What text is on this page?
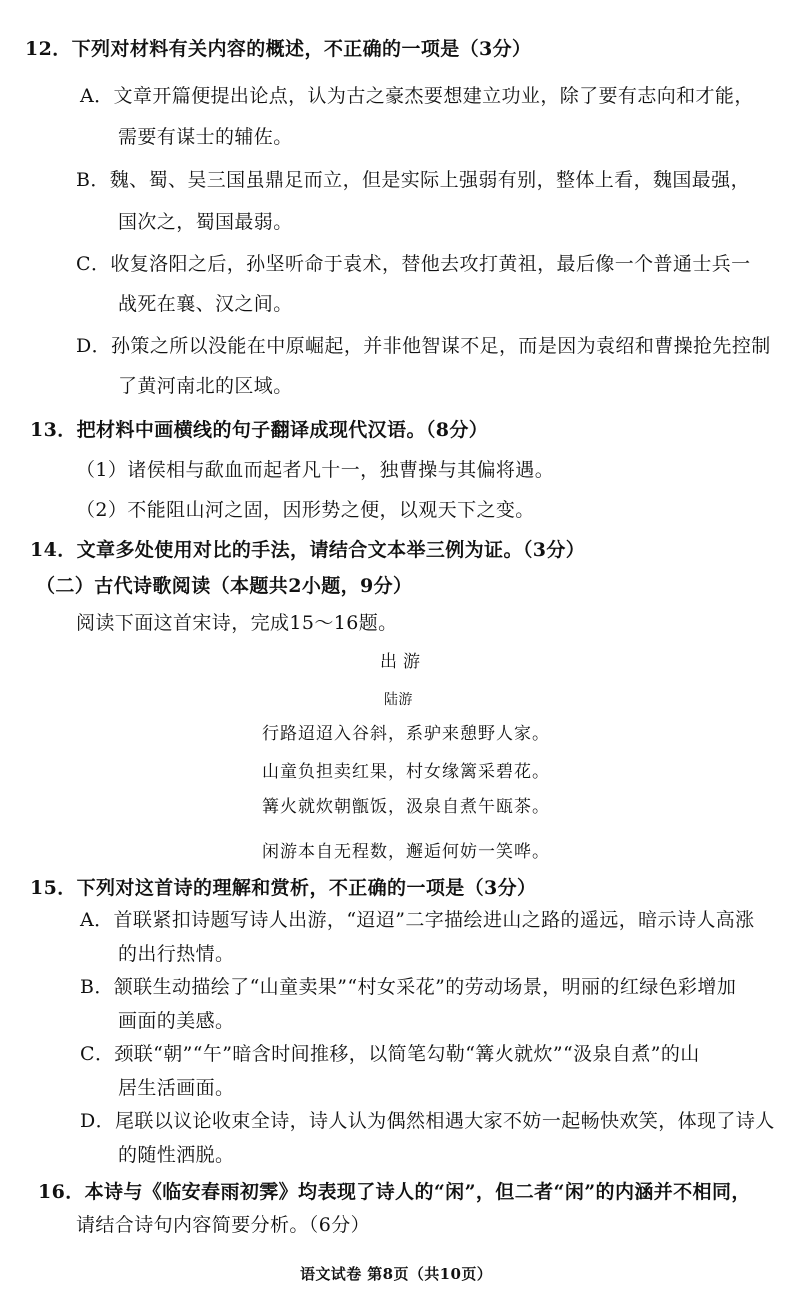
12．下列对材料有关内容的概述，不正确的一项是（3分）
A．文章开篇便提出论点，认为古之豪杰要想建立功业，除了要有志向和才能，
需要有谋士的辅佐。
B．魏、蜀、吴三国虽鼎足而立，但是实际上强弱有别，整体上看，魏国最强，
国次之，蜀国最弱。
C．收复洛阳之后，孙坚听命于袁术，替他去攻打黄祖，最后像一个普通士兵一
战死在襄、汉之间。
D．孙策之所以没能在中原崛起，并非他智谋不足，而是因为袁绍和曹操抢先控制
了黄河南北的区域。
13．把材料中画横线的句子翻译成现代汉语。（8分）
（1）诸侯相与歃血而起者凡十一，独曹操与其偏将遇。
（2）不能阻山河之固，因形势之便，以观天下之变。
14．文章多处使用对比的手法，请结合文本举三例为证。（3分）
（二）古代诗歌阅读（本题共2小题，9分）
阅读下面这首宋诗，完成15～16题。
出游
陆游
行路迢迢入谷斜，系驴来憩野人家。
山童负担卖红果，村女缘篱采碧花。
篝火就炊朝甑饭，汲泉自煮午瓯茶。
闲游本自无程数，邂逅何妨一笑哗。
15．下列对这首诗的理解和赏析，不正确的一项是（3分）
A．首联紧扣诗题写诗人出游，“迢迢”二字描绘进山之路的遥远，暗示诗人高涨
的出行热情。
B．颔联生动描绘了“山童卖果”“村女采花”的劳动场景，明丽的红绿色彩增加
画面的美感。
C．颈联“朝”“午”暗含时间推移，以简笔勾勒“篝火就炊”“汲泉自煮”的山
居生活画面。
D．尾联以议论收束全诗，诗人认为偶然相遇大家不妨一起畅快欢笑，体现了诗人
的随性洒脱。
16．本诗与《临安春雨初霁》均表现了诗人的“闲”，但二者“闲”的内涵并不相同，
请结合诗句内容简要分析。（6分）
语文试卷 第8页（共10页）
